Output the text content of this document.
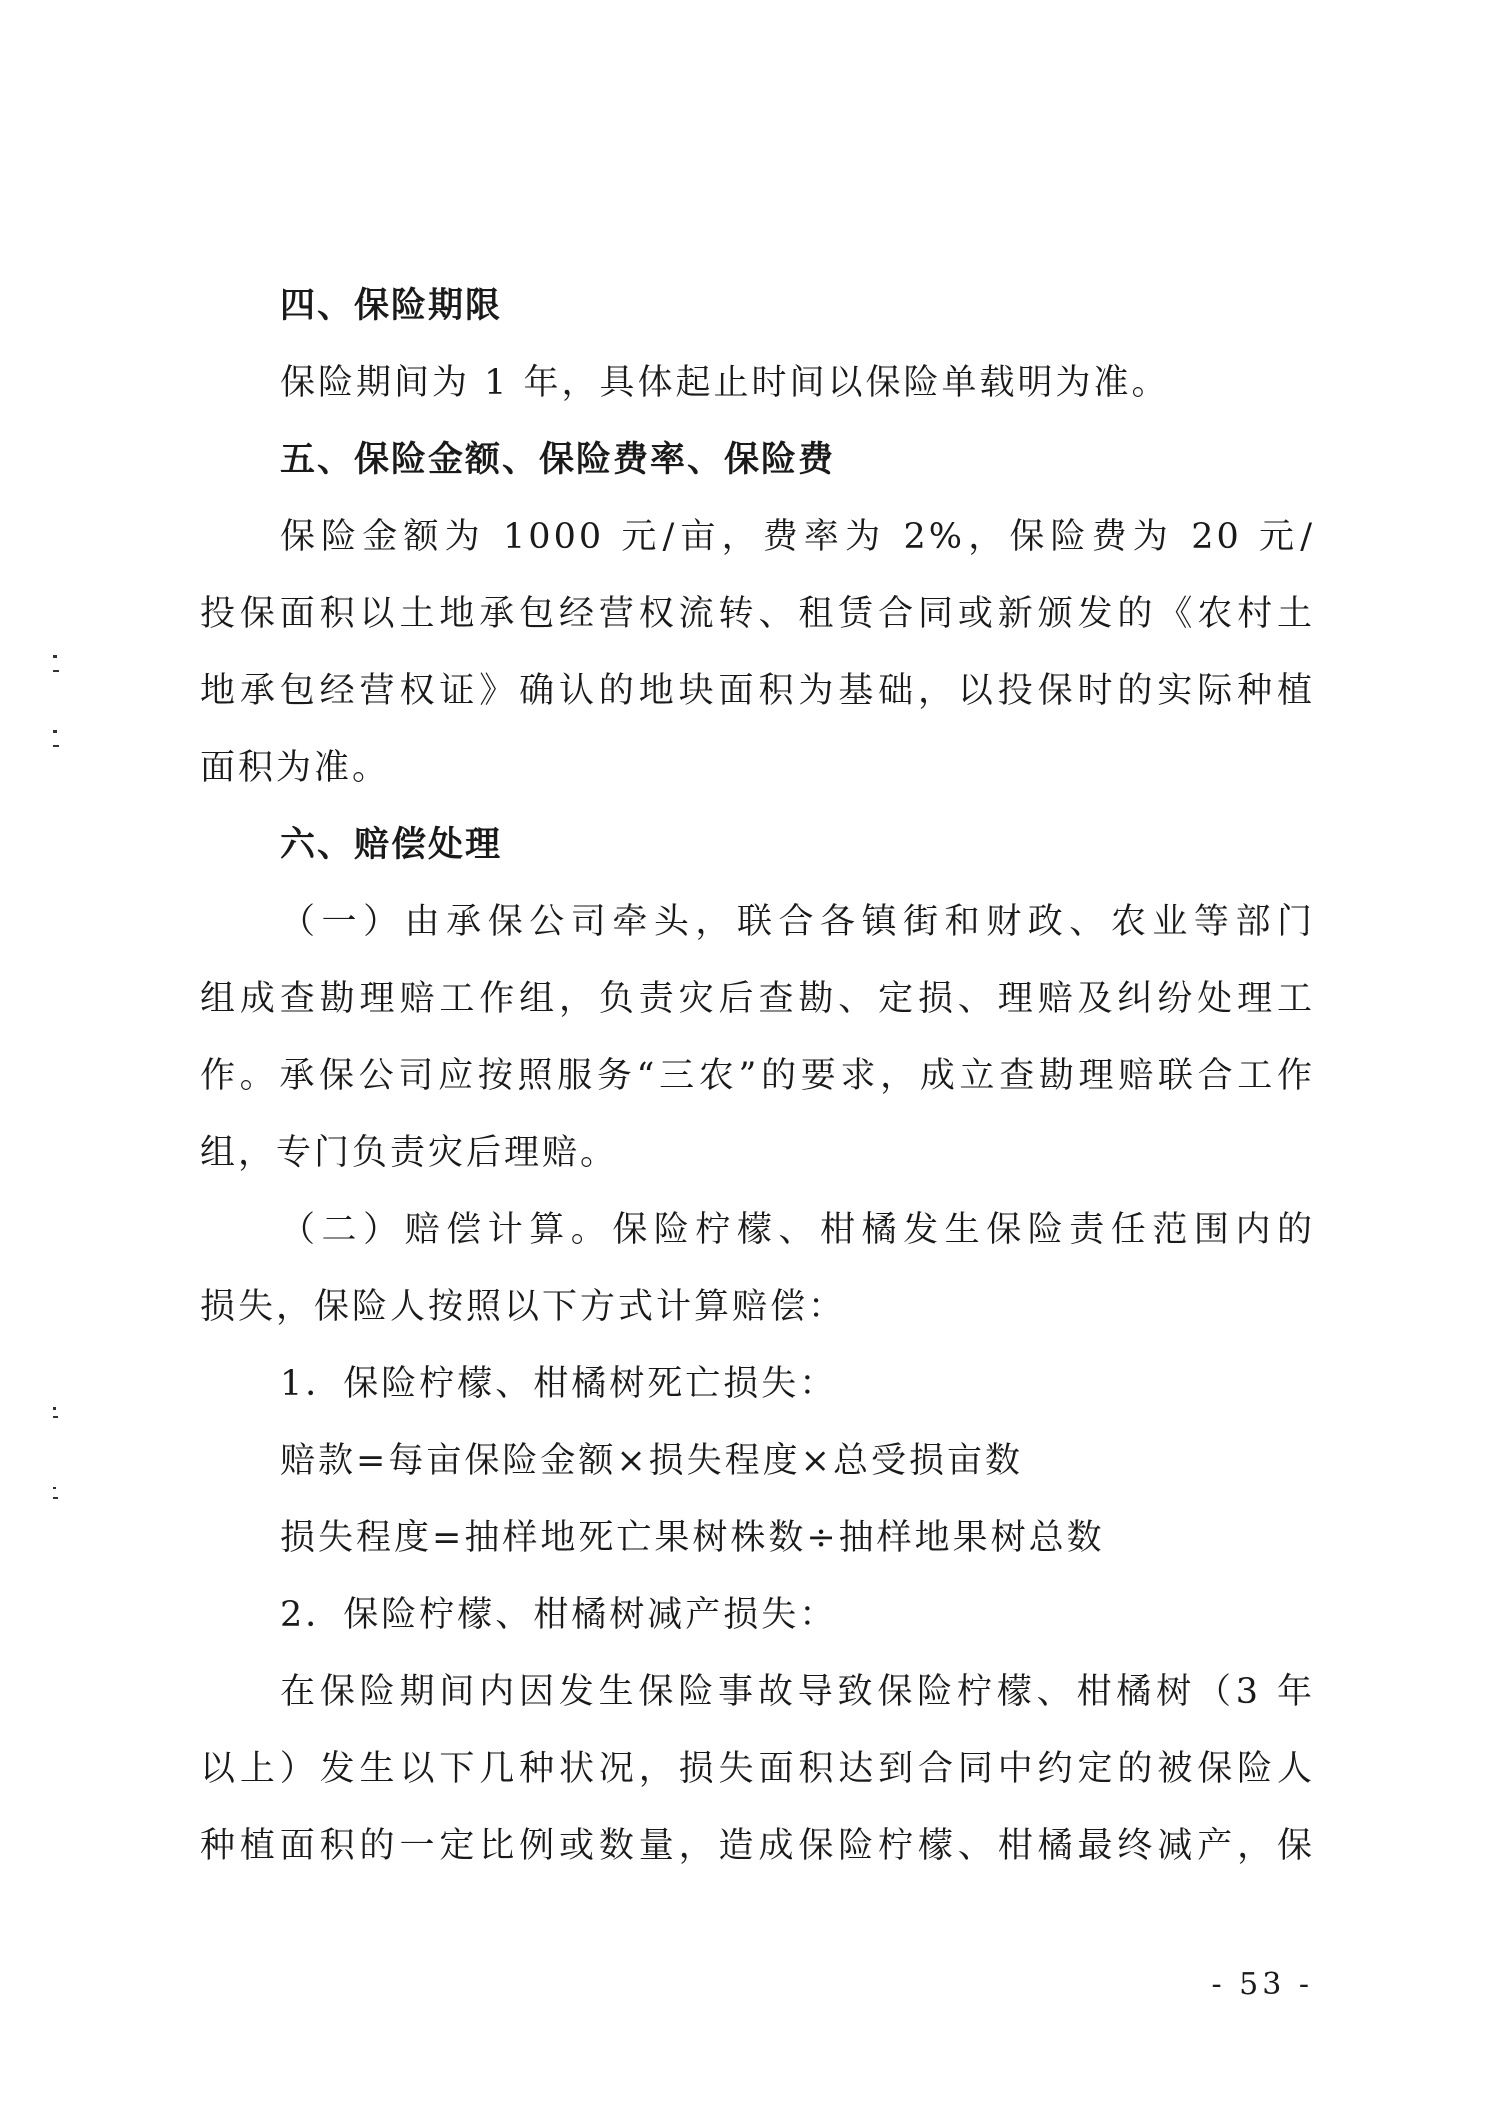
四、保险期限
保险期间为 1 年，具体起止时间以保险单载明为准。
五、保险金额、保险费率、保险费
保险金额为 1000 元/亩，费率为 2%，保险费为 20 元/
投保面积以土地承包经营权流转、租赁合同或新颁发的《农村土
地承包经营权证》确认的地块面积为基础，以投保时的实际种植
面积为准。
六、赔偿处理
（一）由承保公司牵头，联合各镇街和财政、农业等部门
组成查勘理赔工作组，负责灾后查勘、定损、理赔及纠纷处理工
作。承保公司应按照服务“三农”的要求，成立查勘理赔联合工作
组，专门负责灾后理赔。
（二）赔偿计算。保险柠檬、柑橘发生保险责任范围内的
损失，保险人按照以下方式计算赔偿：
1．保险柠檬、柑橘树死亡损失：
赔款=每亩保险金额×损失程度×总受损亩数
损失程度=抽样地死亡果树株数÷抽样地果树总数
2．保险柠檬、柑橘树减产损失：
在保险期间内因发生保险事故导致保险柠檬、柑橘树（3 年
以上）发生以下几种状况，损失面积达到合同中约定的被保险人
种植面积的一定比例或数量，造成保险柠檬、柑橘最终减产，保
- 53 -
